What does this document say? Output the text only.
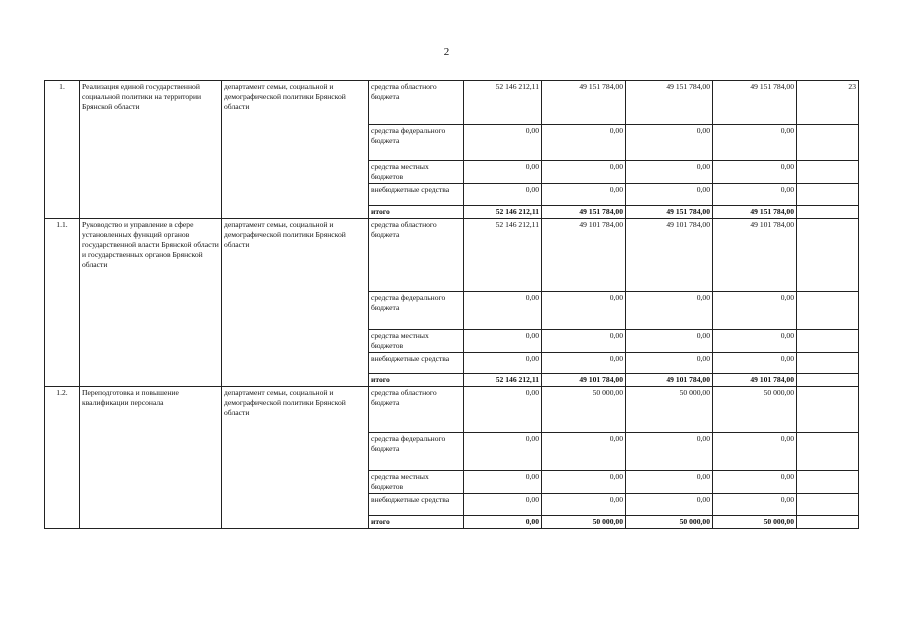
2
1.	Реализация единой государственной социальной политики на территории Брянской области	департамент семьи, социальной и демографической политики Брянской области	средства областного бюджета	52 146 212,11	49 151 784,00	49 151 784,00	49 151 784,00	23
			средства федерального бюджета	0,00	0,00	0,00	0,00	
			средства местных бюджетов	0,00	0,00	0,00	0,00	
			внебюджетные средства	0,00	0,00	0,00	0,00	
			итого	52 146 212,11	49 151 784,00	49 151 784,00	49 151 784,00	
1.1.	Руководство и управление в сфере установленных функций органов государственной власти Брянской области и государственных органов Брянской области	департамент семьи, социальной и демографической политики Брянской области	средства областного бюджета	52 146 212,11	49 101 784,00	49 101 784,00	49 101 784,00	
			средства федерального бюджета	0,00	0,00	0,00	0,00	
			средства местных бюджетов	0,00	0,00	0,00	0,00	
			внебюджетные средства	0,00	0,00	0,00	0,00	
			итого	52 146 212,11	49 101 784,00	49 101 784,00	49 101 784,00	
1.2.	Переподготовка и повышение квалификации персонала	департамент семьи, социальной и демографической политики Брянской области	средства областного бюджета	0,00	50 000,00	50 000,00	50 000,00	
			средства федерального бюджета	0,00	0,00	0,00	0,00	
			средства местных бюджетов	0,00	0,00	0,00	0,00	
			внебюджетные средства	0,00	0,00	0,00	0,00	
			итого	0,00	50 000,00	50 000,00	50 000,00	
